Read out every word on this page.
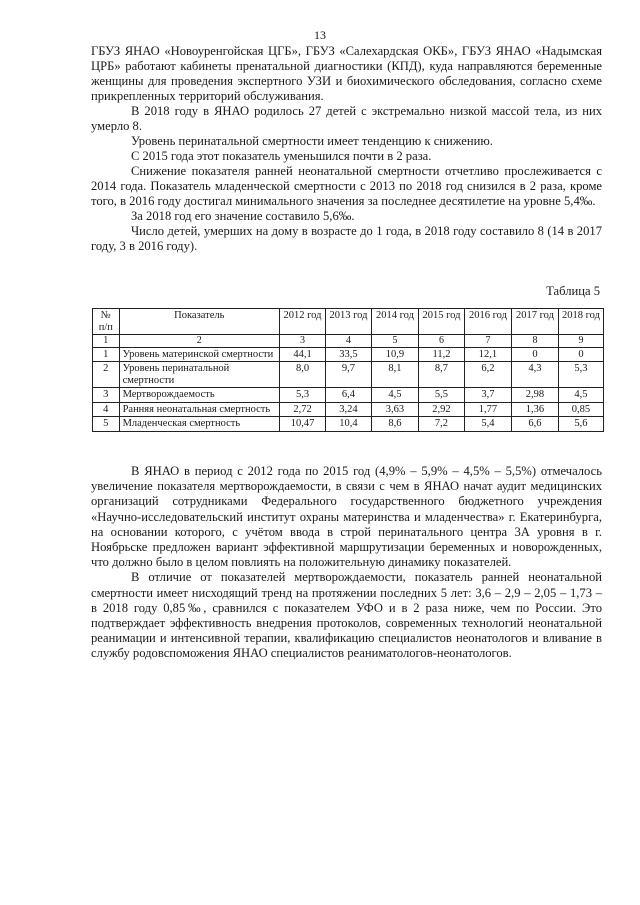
13

ГБУЗ ЯНАО «Новоуренгойская ЦГБ», ГБУЗ «Салехардская ОКБ», ГБУЗ ЯНАО «Надымская ЦРБ» работают кабинеты пренатальной диагностики (КПД), куда направляются беременные женщины для проведения экспертного УЗИ и биохимического обследования, согласно схеме прикрепленных территорий обслуживания.

В 2018 году в ЯНАО родилось 27 детей с экстремально низкой массой тела, из них умерло 8.

Уровень перинатальной смертности имеет тенденцию к снижению.

С 2015 года этот показатель уменьшился почти в 2 раза.

Снижение показателя ранней неонатальной смертности отчетливо прослеживается с 2014 года. Показатель младенческой смертности с 2013 по 2018 год снизился в 2 раза, кроме того, в 2016 году достигал минимального значения за последнее десятилетие на уровне 5,4‰.

За 2018 год его значение составило 5,6‰.

Число детей, умерших на дому в возрасте до 1 года, в 2018 году составило 8 (14 в 2017 году, 3 в 2016 году).

Таблица 5
№ п/п	Показатель	2012 год	2013 год	2014 год	2015 год	2016 год	2017 год	2018 год
1	2	3	4	5	6	7	8	9
1	Уровень материнской смертности	44,1	33,5	10,9	11,2	12,1	0	0
2	Уровень перинатальной смертности	8,0	9,7	8,1	8,7	6,2	4,3	5,3
3	Мертворождаемость	5,3	6,4	4,5	5,5	3,7	2,98	4,5
4	Ранняя неонатальная смертность	2,72	3,24	3,63	2,92	1,77	1,36	0,85
5	Младенческая смертность	10,47	10,4	8,6	7,2	5,4	6,6	5,6

В ЯНАО в период с 2012 года по 2015 год (4,9% – 5,9% – 4,5% – 5,5%) отмечалось увеличение показателя мертворождаемости, в связи с чем в ЯНАО начат аудит медицинских организаций сотрудниками Федерального государственного бюджетного учреждения «Научно-исследовательский институт охраны материнства и младенчества» г. Екатеринбурга, на основании которого, с учётом ввода в строй перинатального центра 3А уровня в г. Ноябрьске предложен вариант эффективной маршрутизации беременных и новорожденных, что должно было в целом повлиять на положительную динамику показателей.

В отличие от показателей мертворождаемости, показатель ранней неонатальной смертности имеет нисходящий тренд на протяжении последних 5 лет: 3,6 – 2,9 – 2,05 – 1,73 – в 2018 году 0,85‰, сравнился с показателем УФО и в 2 раза ниже, чем по России. Это подтверждает эффективность внедрения протоколов, современных технологий неонатальной реанимации и интенсивной терапии, квалификацию специалистов неонатологов и вливание в службу родовспоможения ЯНАО специалистов реаниматологов-неонатологов.
